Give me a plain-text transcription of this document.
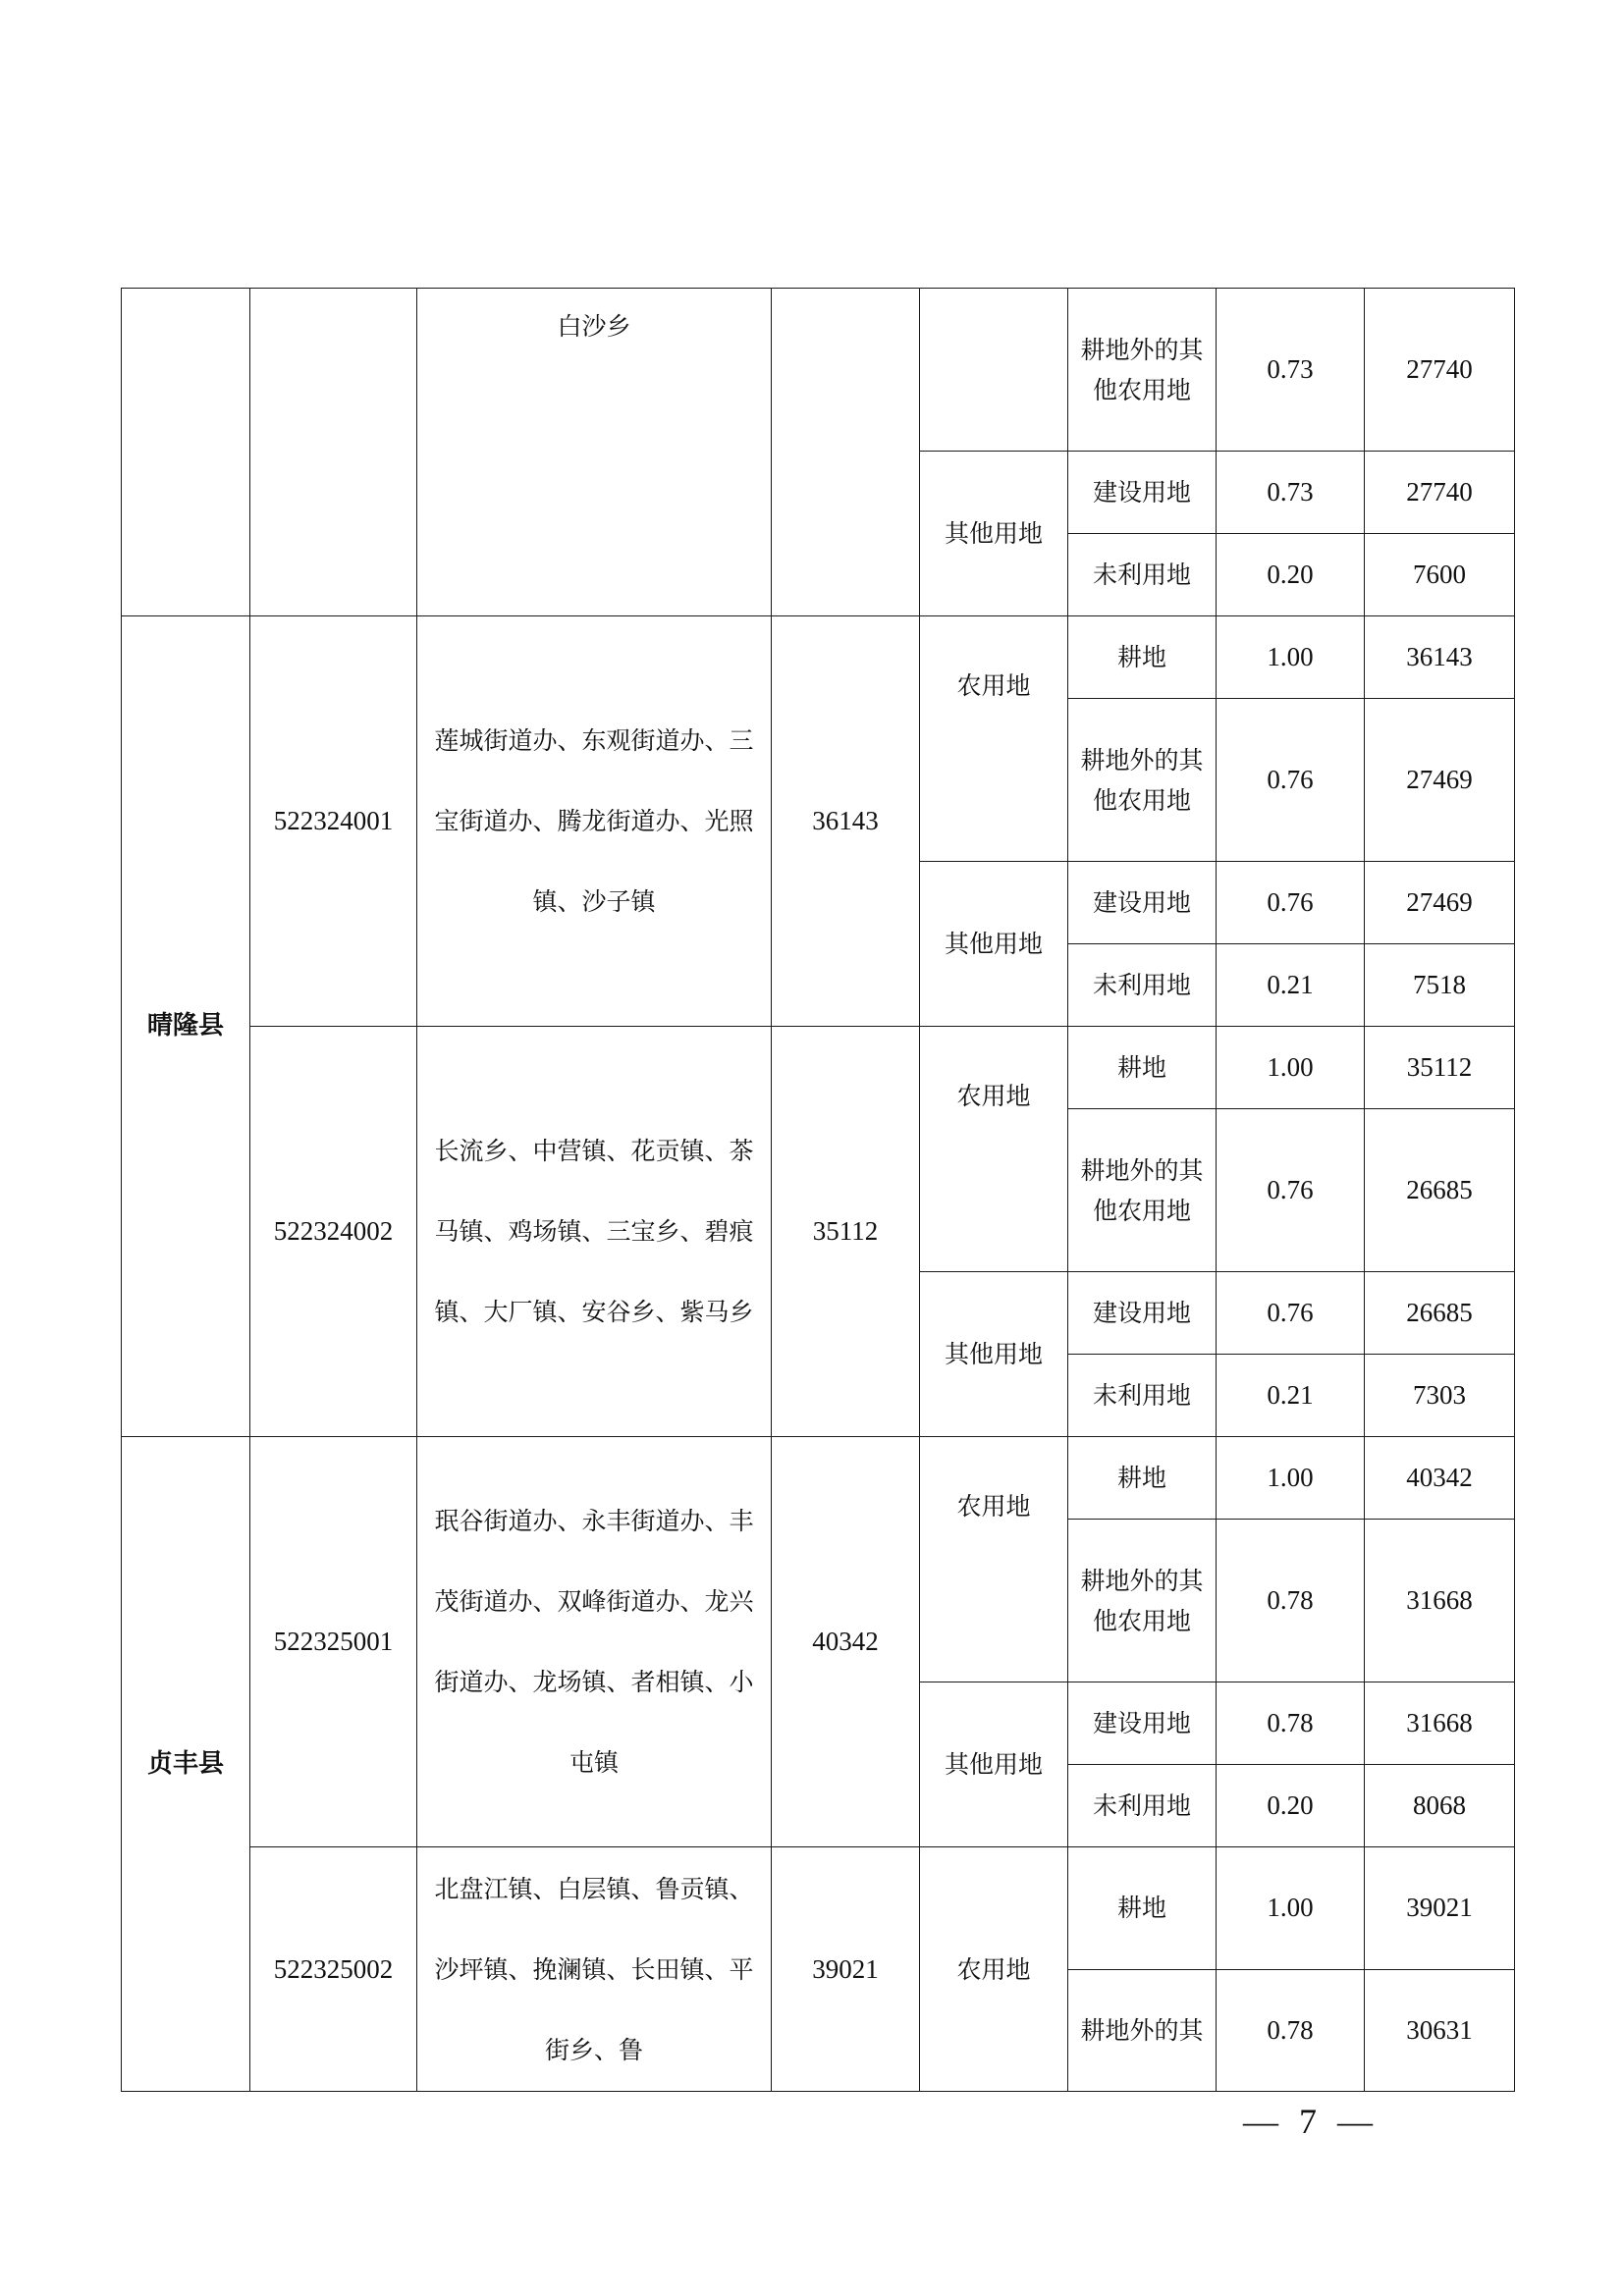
		白沙乡			耕地外的其他农用地	0.73	27740
				其他用地	建设用地	0.73	27740
					未利用地	0.20	7600
晴隆县	522324001	莲城街道办、东观街道办、三宝街道办、腾龙街道办、光照镇、沙子镇	36143	农用地	耕地	1.00	36143
					耕地外的其他农用地	0.76	27469
				其他用地	建设用地	0.76	27469
					未利用地	0.21	7518
	522324002	长流乡、中营镇、花贡镇、茶马镇、鸡场镇、三宝乡、碧痕镇、大厂镇、安谷乡、紫马乡	35112	农用地	耕地	1.00	35112
					耕地外的其他农用地	0.76	26685
				其他用地	建设用地	0.76	26685
					未利用地	0.21	7303
贞丰县	522325001	珉谷街道办、永丰街道办、丰茂街道办、双峰街道办、龙兴街道办、龙场镇、者相镇、小屯镇	40342	农用地	耕地	1.00	40342
					耕地外的其他农用地	0.78	31668
				其他用地	建设用地	0.78	31668
					未利用地	0.20	8068
	522325002	北盘江镇、白层镇、鲁贡镇、沙坪镇、挽澜镇、长田镇、平街乡、鲁	39021	农用地	耕地	1.00	39021
					耕地外的其	0.78	30631
— 7 —
